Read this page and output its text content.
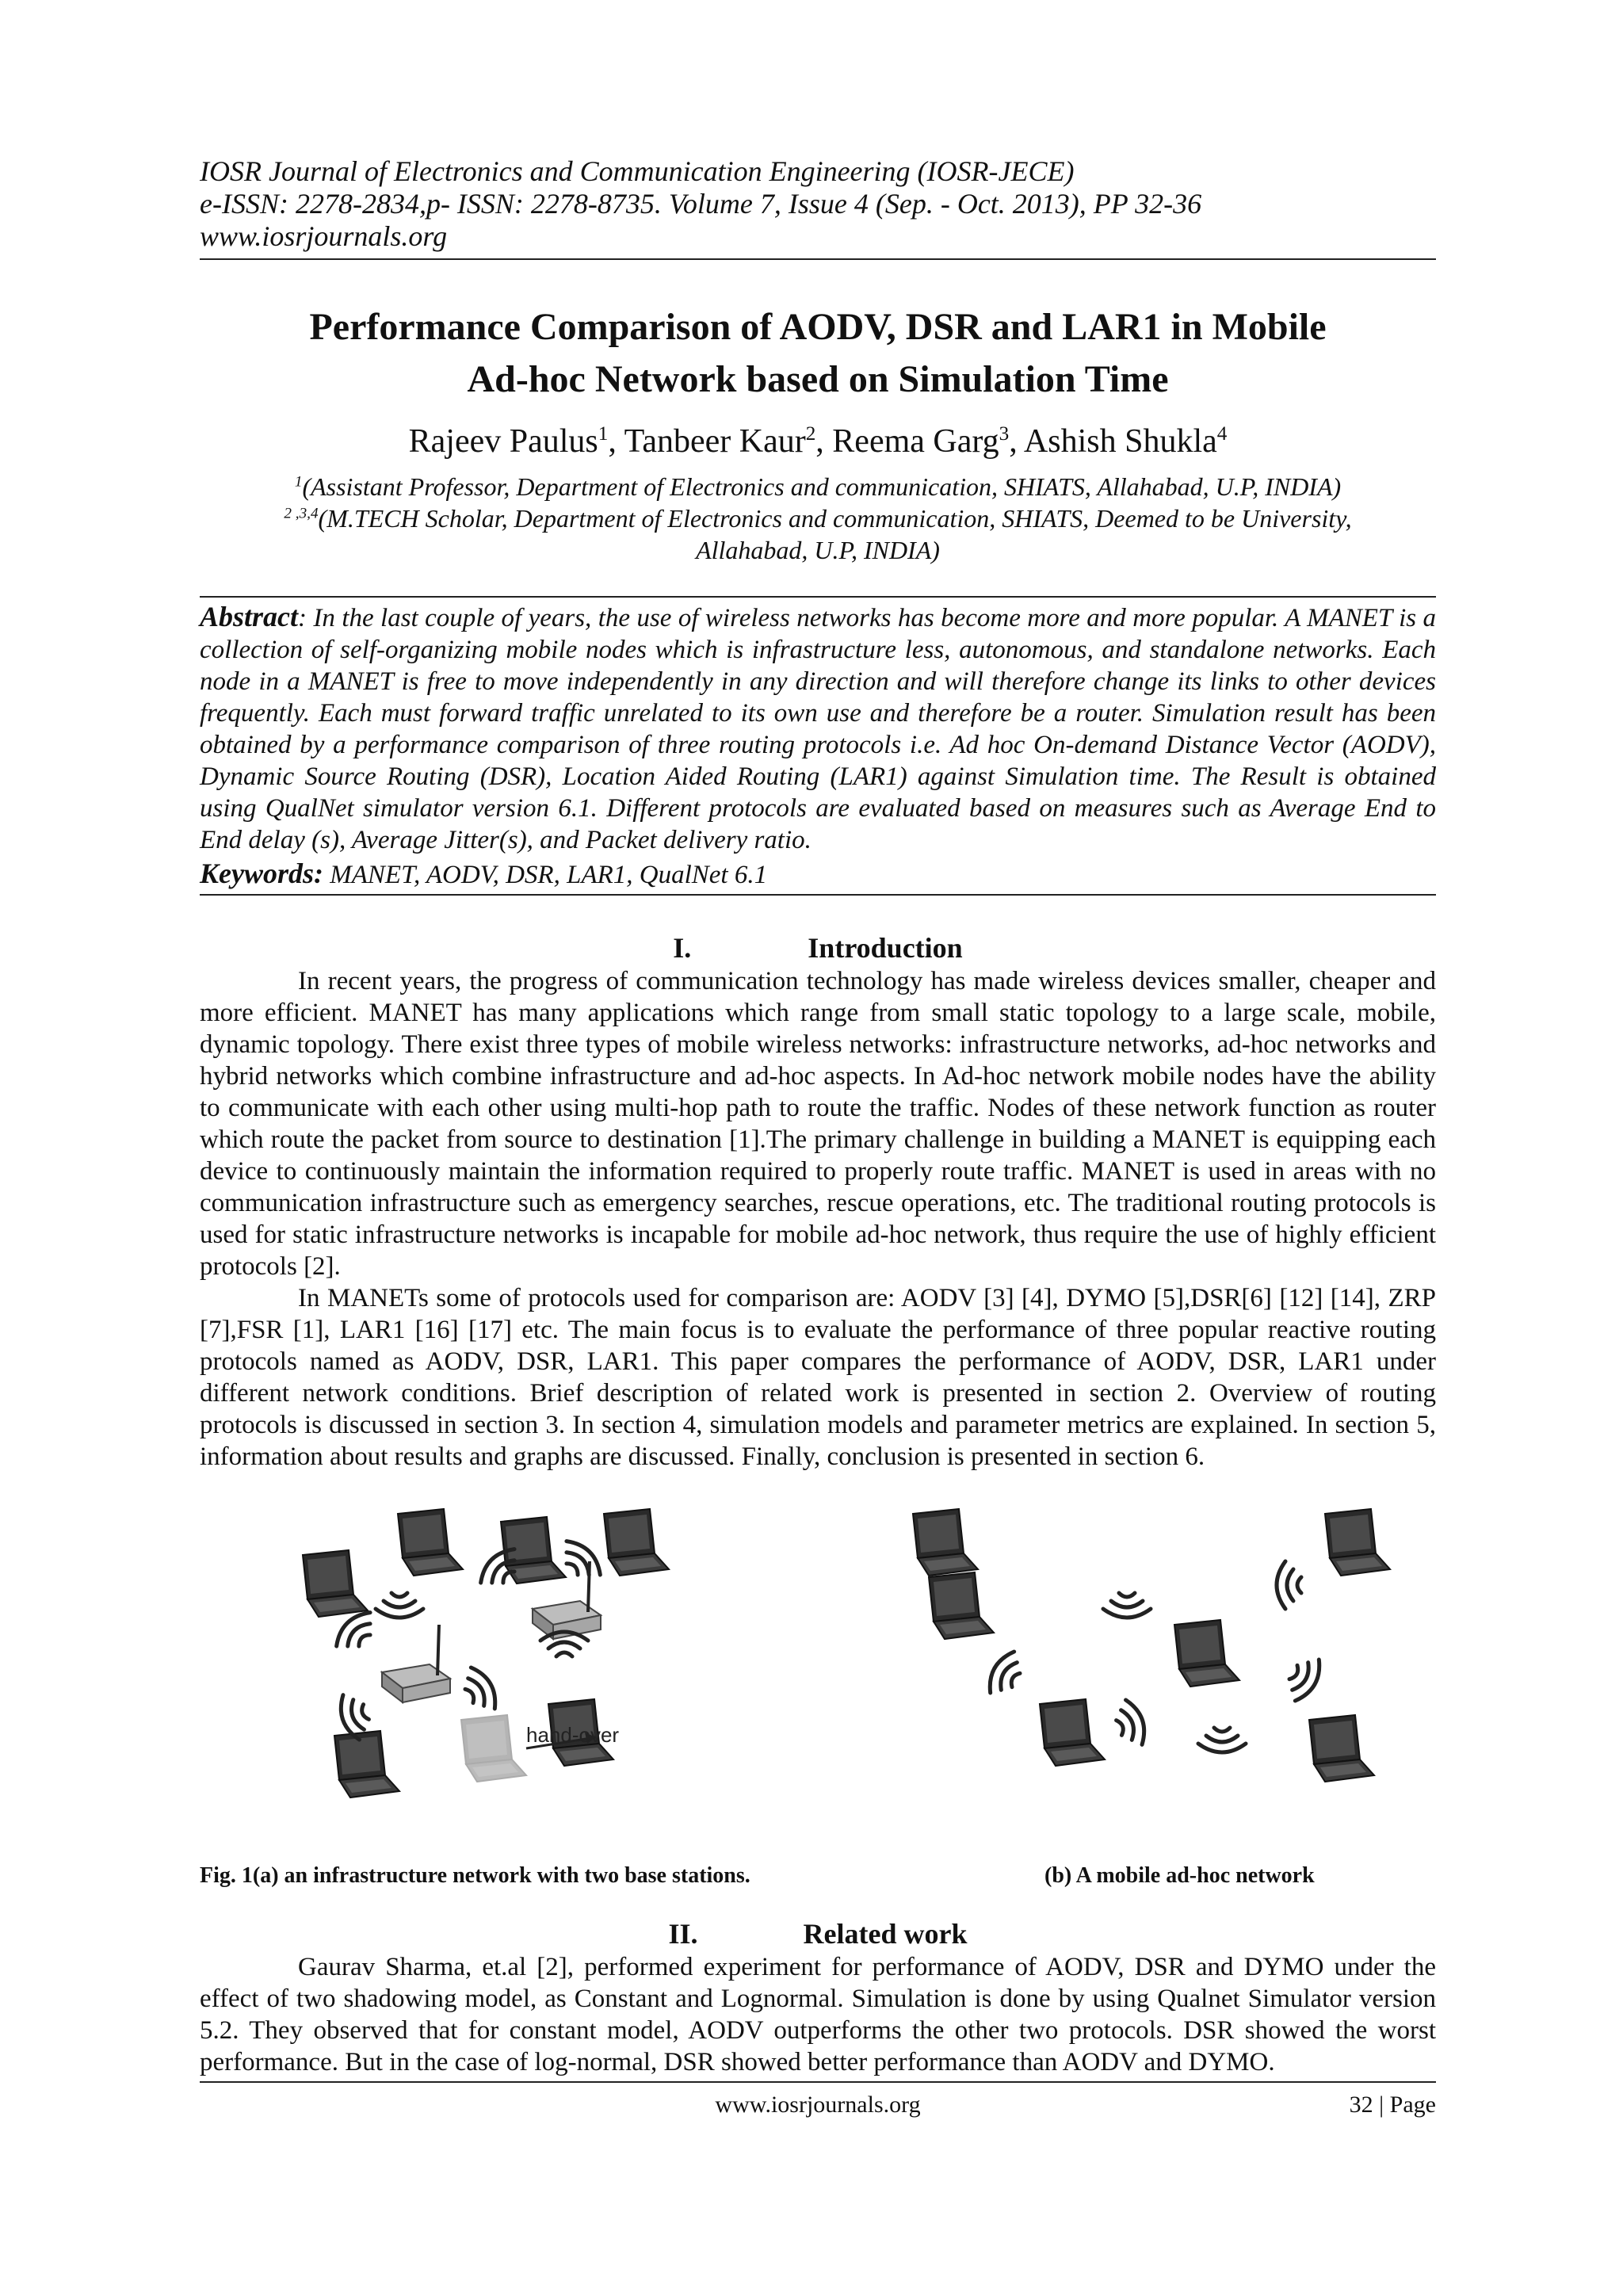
IOSR Journal of Electronics and Communication Engineering (IOSR-JECE)
e-ISSN: 2278-2834,p- ISSN: 2278-8735. Volume 7, Issue 4 (Sep. - Oct. 2013), PP 32-36
www.iosrjournals.org
Performance Comparison of AODV, DSR and LAR1 in Mobile
Ad-hoc Network based on Simulation Time
Rajeev Paulus$^1$, Tanbeer Kaur$^2$, Reema Garg$^3$, Ashish Shukla$^4$
$^1$(Assistant Professor, Department of Electronics and communication, SHIATS, Allahabad, U.P, INDIA)
$^{2 ,3,4}$(M.TECH Scholar, Department of Electronics and communication, SHIATS, Deemed to be University,
Allahabad, U.P, INDIA)
Abstract: In the last couple of years, the use of wireless networks has become more and more popular. A MANET is a collection of self-organizing mobile nodes which is infrastructure less, autonomous, and standalone networks. Each node in a MANET is free to move independently in any direction and will therefore change its links to other devices frequently. Each must forward traffic unrelated to its own use and therefore be a router. Simulation result has been obtained by a performance comparison of three routing protocols i.e. Ad hoc On-demand Distance Vector (AODV), Dynamic Source Routing (DSR), Location Aided Routing (LAR1) against Simulation time. The Result is obtained using QualNet simulator version 6.1. Different protocols are evaluated based on measures such as Average End to End delay (s), Average Jitter(s), and Packet delivery ratio.
Keywords: MANET, AODV, DSR, LAR1, QualNet 6.1
I.	Introduction

In recent years, the progress of communication technology has made wireless devices smaller, cheaper and more efficient. MANET has many applications which range from small static topology to a large scale, mobile, dynamic topology. There exist three types of mobile wireless networks: infrastructure networks, ad-hoc networks and hybrid networks which combine infrastructure and ad-hoc aspects. In Ad-hoc network mobile nodes have the ability to communicate with each other using multi-hop path to route the traffic. Nodes of these network function as router which route the packet from source to destination [1].The primary challenge in building a MANET is equipping each device to continuously maintain the information required to properly route traffic. MANET is used in areas with no communication infrastructure such as emergency searches, rescue operations, etc. The traditional routing protocols is used for static infrastructure networks is incapable for mobile ad-hoc network, thus require the use of highly efficient protocols [2].

In MANETs some of protocols used for comparison are: AODV [3] [4], DYMO [5],DSR[6] [12] [14], ZRP [7],FSR [1], LAR1 [16] [17] etc. The main focus is to evaluate the performance of three popular reactive routing protocols named as AODV, DSR, LAR1. This paper compares the performance of AODV, DSR, LAR1 under different network conditions. Brief description of related work is presented in section 2. Overview of routing protocols is discussed in section 3. In section 4, simulation models and parameter metrics are explained. In section 5, information about results and graphs are discussed. Finally, conclusion is presented in section 6.

hand-over
Fig. 1(a) an infrastructure network with two base stations.	(b) A mobile ad-hoc network
II.	Related work

Gaurav Sharma, et.al [2], performed experiment for performance of AODV, DSR and DYMO under the effect of two shadowing model, as Constant and Lognormal. Simulation is done by using Qualnet Simulator version 5.2. They observed that for constant model, AODV outperforms the other two protocols. DSR showed the worst performance. But in the case of log-normal, DSR showed better performance than AODV and DYMO.

www.iosrjournals.org	32 | Page
